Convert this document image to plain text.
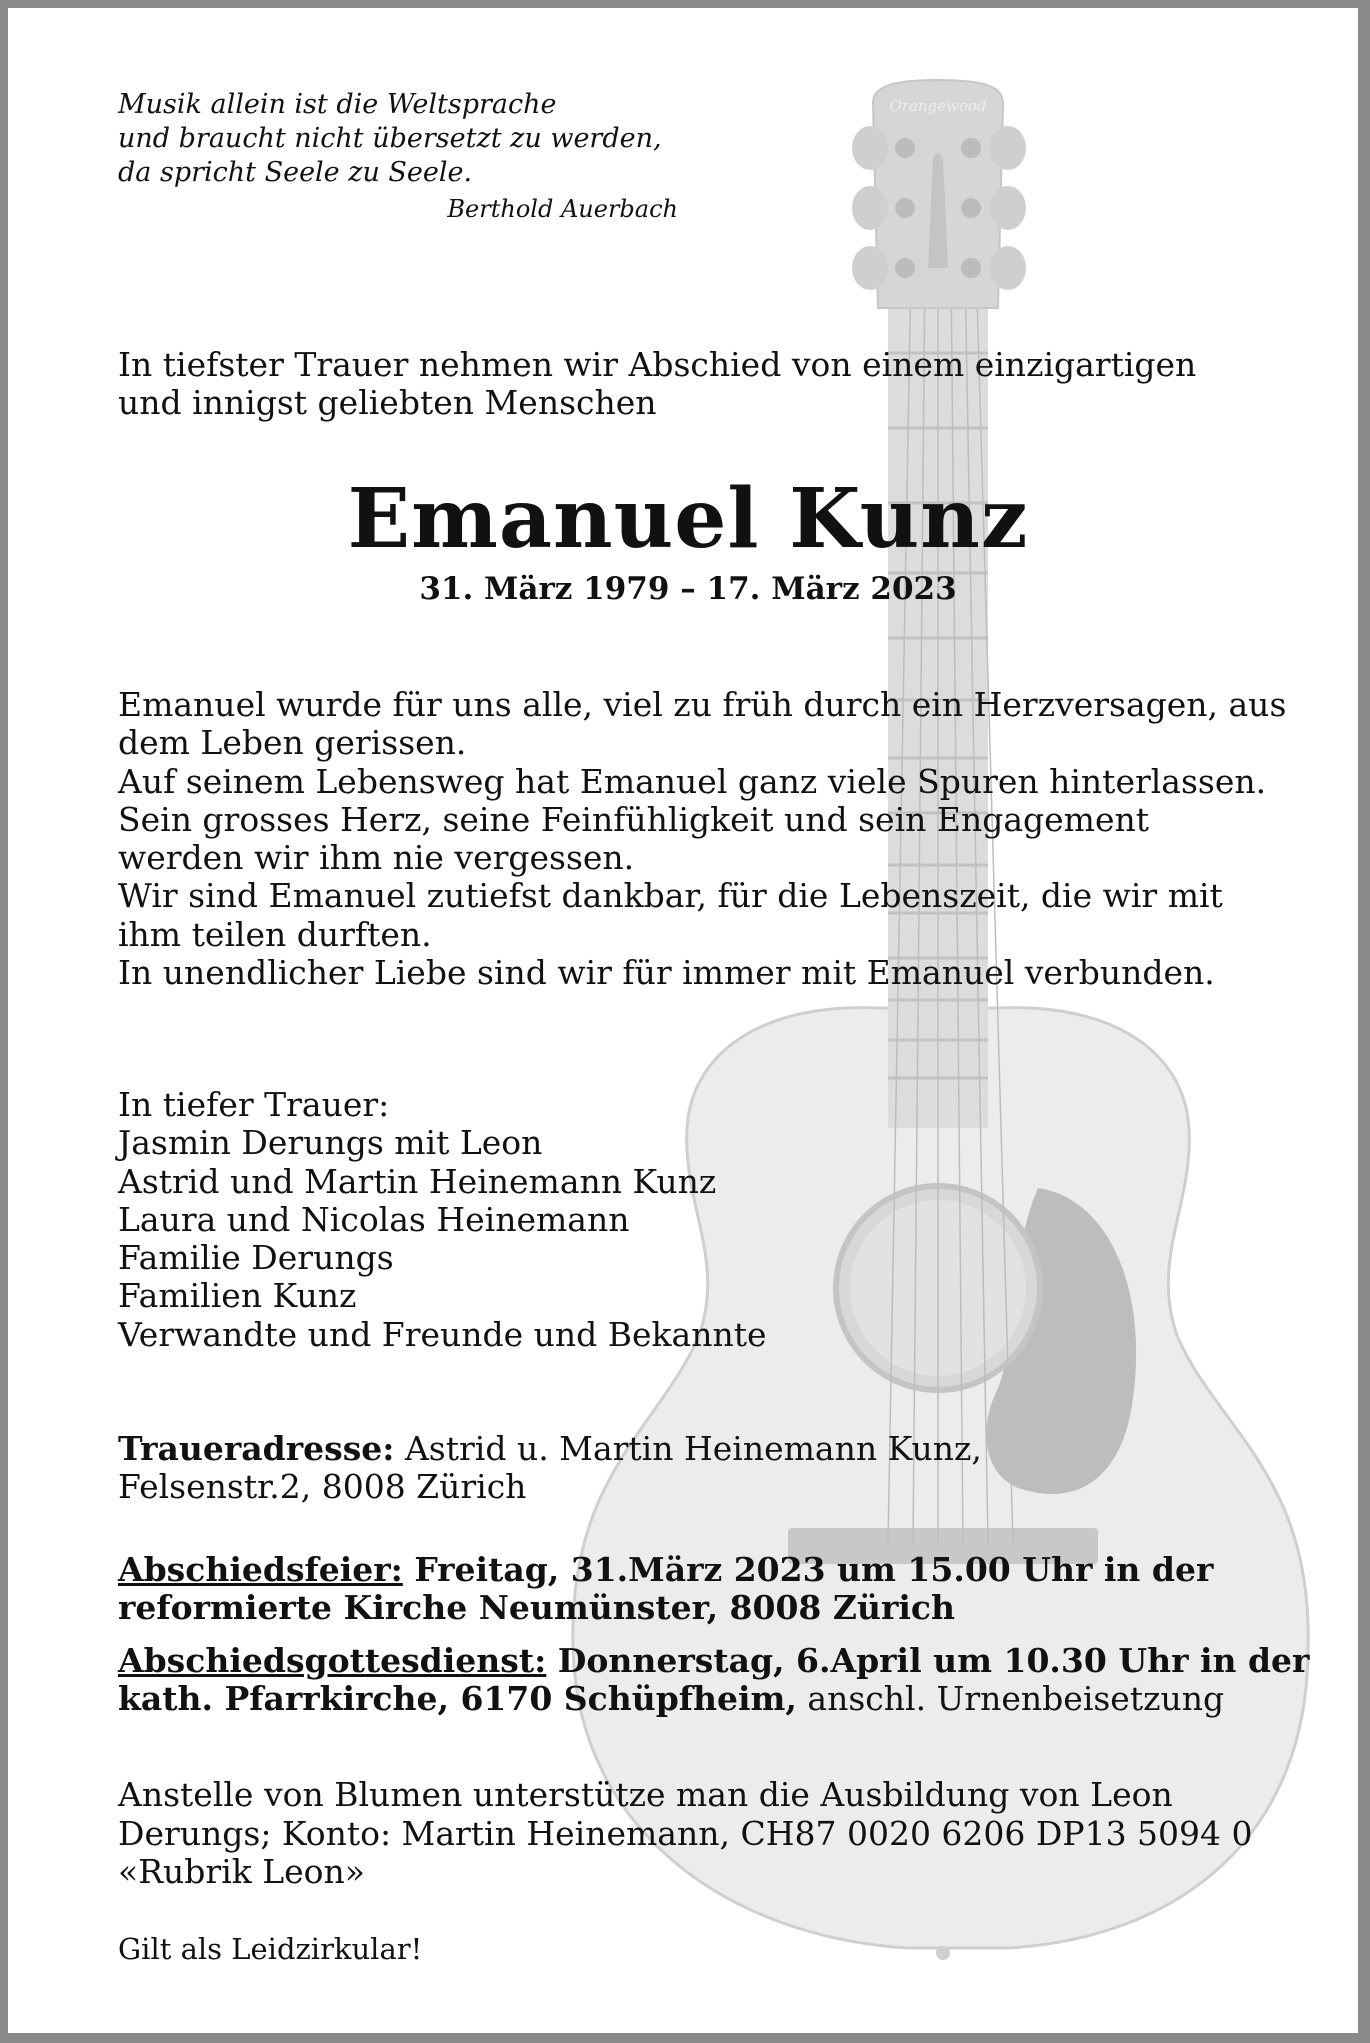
Orangewood
Musik allein ist die Weltsprache
und braucht nicht übersetzt zu werden,
da spricht Seele zu Seele.
Berthold Auerbach
In tiefster Trauer nehmen wir Abschied von einem einzigartigen
und innigst geliebten Menschen
Emanuel Kunz
31. März 1979 – 17. März 2023
Emanuel wurde für uns alle, viel zu früh durch ein Herzversagen, aus
dem Leben gerissen.
Auf seinem Lebensweg hat Emanuel ganz viele Spuren hinterlassen.
Sein grosses Herz, seine Feinfühligkeit und sein Engagement
werden wir ihm nie vergessen.
Wir sind Emanuel zutiefst dankbar, für die Lebenszeit, die wir mit
ihm teilen durften.
In unendlicher Liebe sind wir für immer mit Emanuel verbunden.
In tiefer Trauer:
Jasmin Derungs mit Leon
Astrid und Martin Heinemann Kunz
Laura und Nicolas Heinemann
Familie Derungs
Familien Kunz
Verwandte und Freunde und Bekannte
Traueradresse: Astrid u. Martin Heinemann Kunz,
Felsenstr.2, 8008 Zürich
Abschiedsfeier: Freitag, 31.März 2023 um 15.00 Uhr in der
reformierte Kirche Neumünster, 8008 Zürich
Abschiedsgottesdienst: Donnerstag, 6.April um 10.30 Uhr in der
kath. Pfarrkirche, 6170 Schüpfheim, anschl. Urnenbeisetzung
Anstelle von Blumen unterstütze man die Ausbildung von Leon
Derungs; Konto: Martin Heinemann, CH87 0020 6206 DP13 5094 0
«Rubrik Leon»
Gilt als Leidzirkular!
